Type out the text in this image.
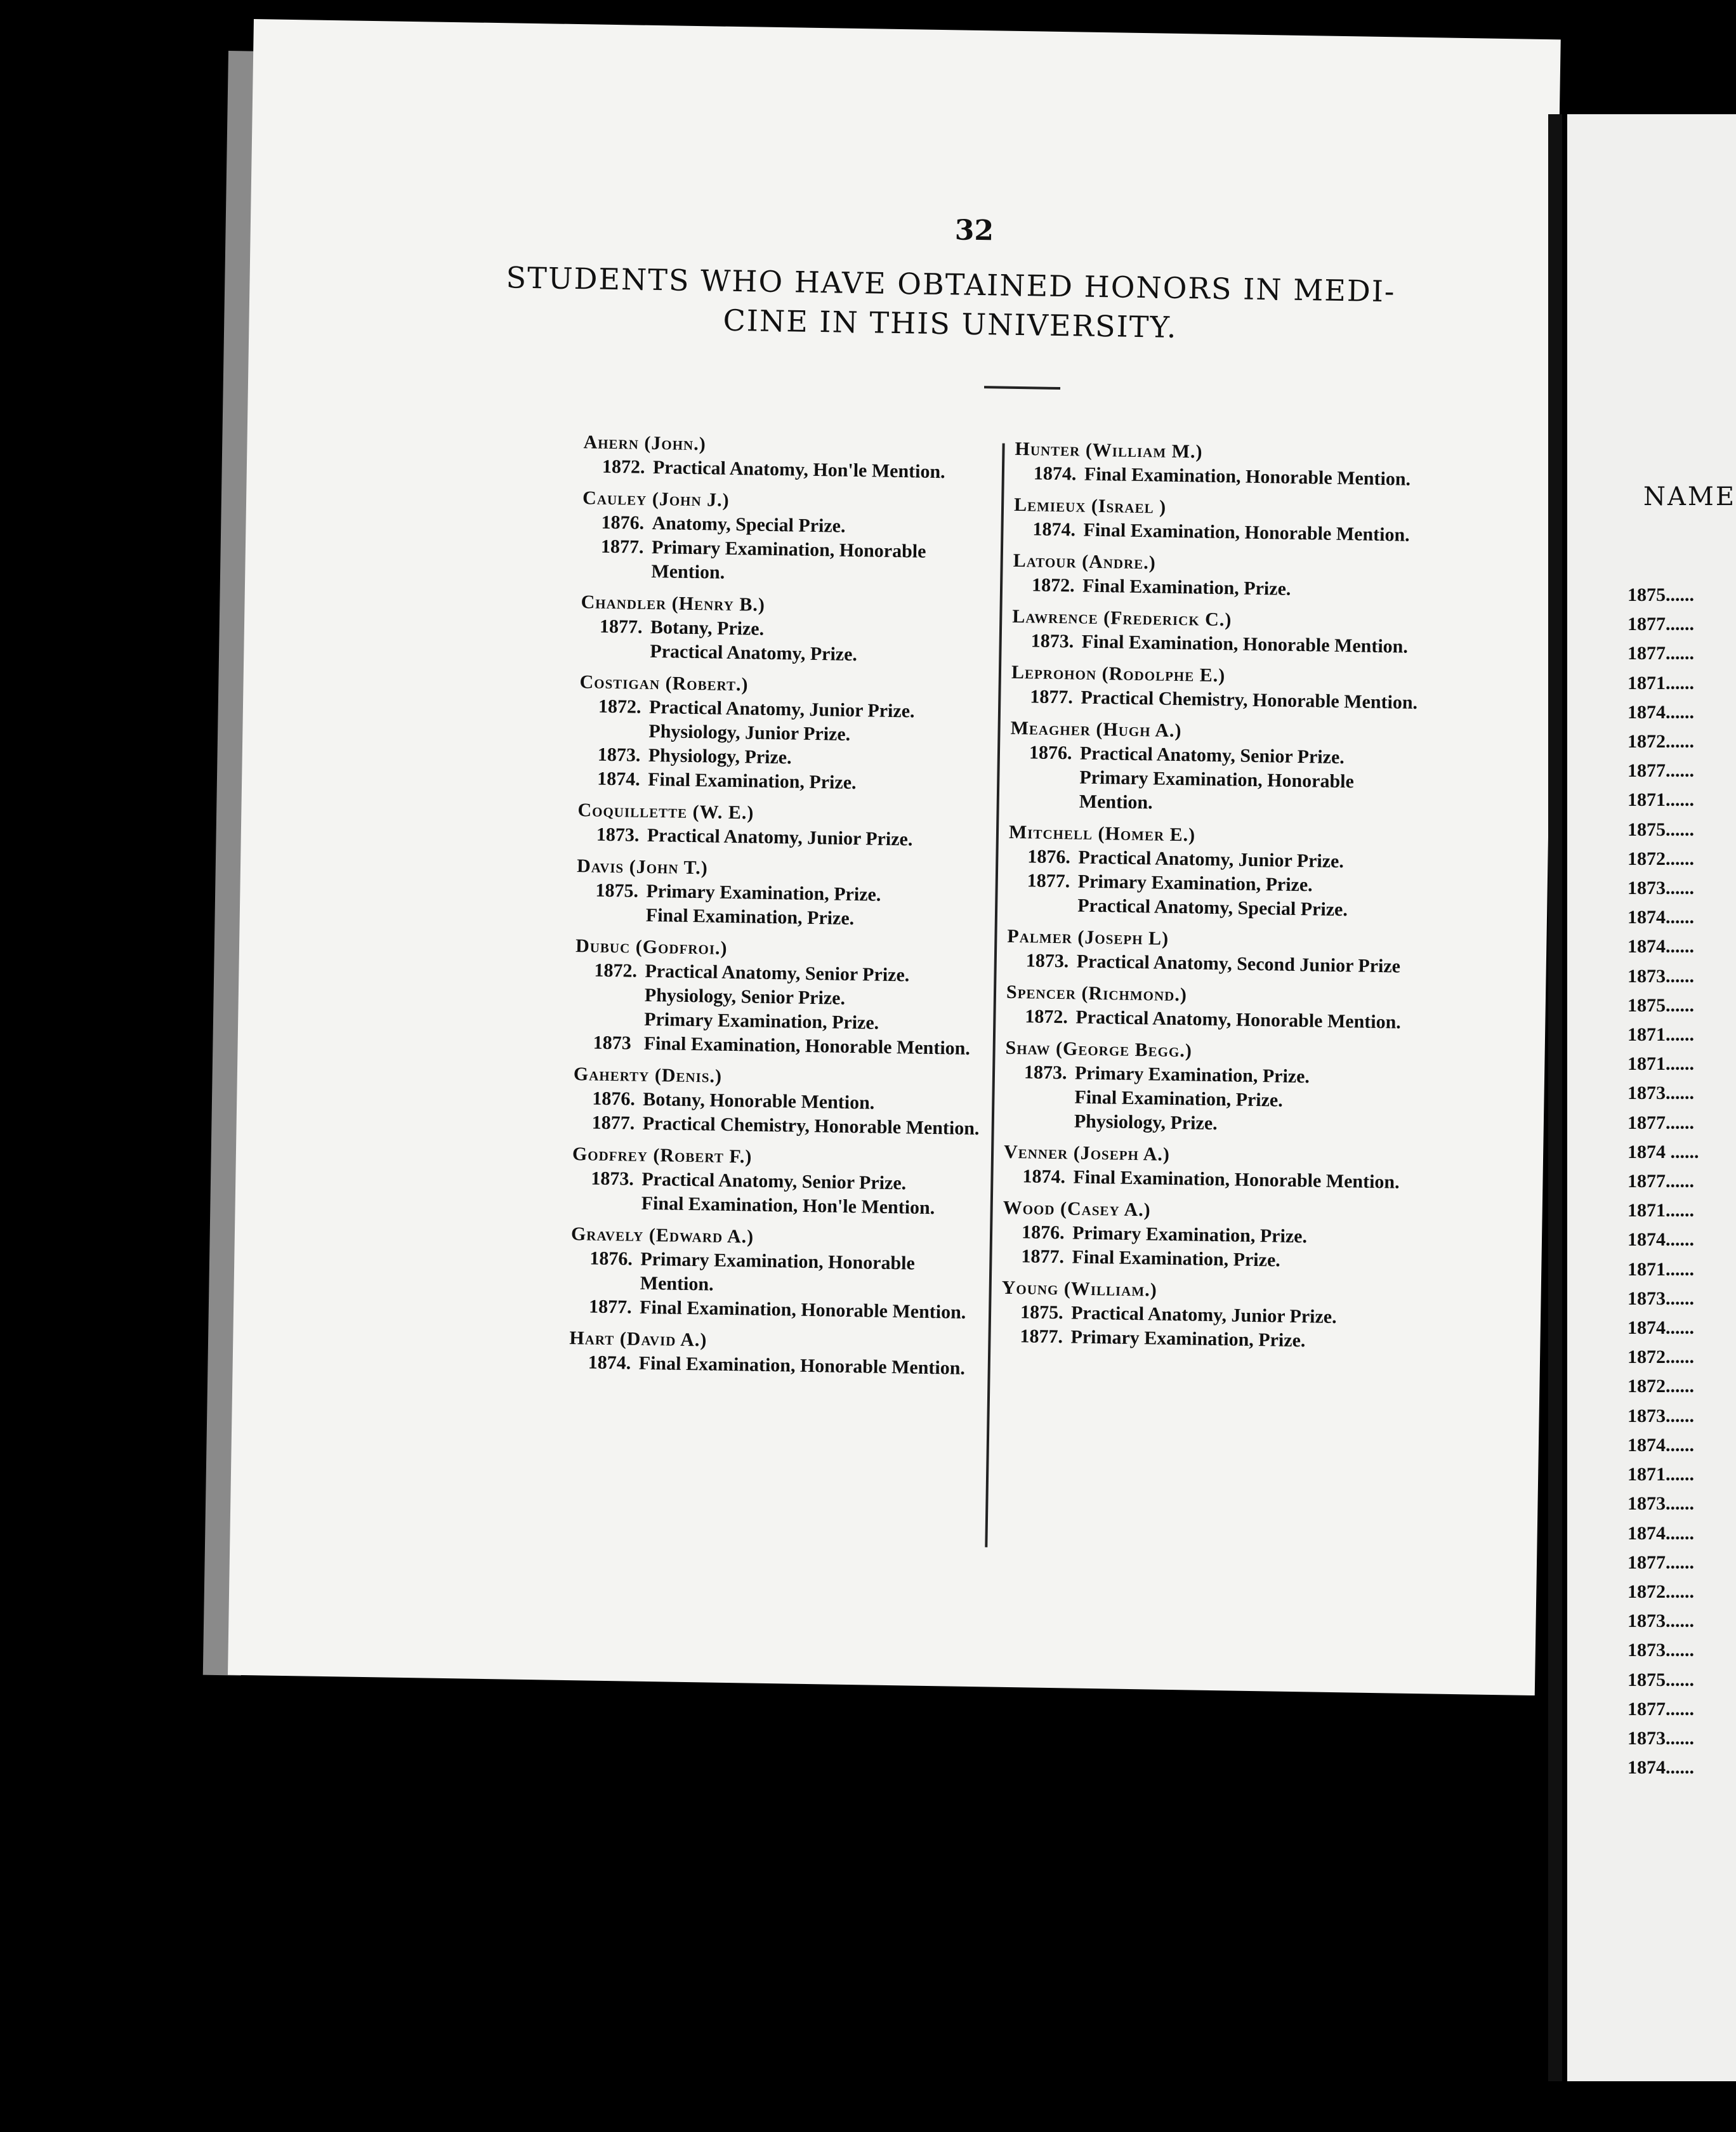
32
STUDENTS WHO HAVE OBTAINED HONORS IN MEDI-
CINE IN THIS UNIVERSITY.
Ahern (John.)
1872. Practical Anatomy, Hon'le Mention.
Cauley (John J.)
1876. Anatomy, Special Prize.
1877. Primary Examination, Honorable Mention.
Chandler (Henry B.)
1877. Botany, Prize.
Practical Anatomy, Prize.
Costigan (Robert.)
1872. Practical Anatomy, Junior Prize.
Physiology, Junior Prize.
1873. Physiology, Prize.
1874. Final Examination, Prize.
Coquillette (W. E.)
1873. Practical Anatomy, Junior Prize.
Davis (John T.)
1875. Primary Examination, Prize.
Final Examination, Prize.
Dubuc (Godfroi.)
1872. Practical Anatomy, Senior Prize.
Physiology, Senior Prize.
Primary Examination, Prize.
1873 Final Examination, Honorable Mention.
Gaherty (Denis.)
1876. Botany, Honorable Mention.
1877. Practical Chemistry, Honorable Mention.
Godfrey (Robert F.)
1873. Practical Anatomy, Senior Prize.
Final Examination, Hon'le Mention.
Gravely (Edward A.)
1876. Primary Examination, Honorable Mention.
1877. Final Examination, Honorable Mention.
Hart (David A.)
1874. Final Examination, Honorable Mention.
Hunter (William M.)
1874. Final Examination, Honorable Mention.
Lemieux (Israel )
1874. Final Examination, Honorable Mention.
Latour (Andre.)
1872. Final Examination, Prize.
Lawrence (Frederick C.)
1873. Final Examination, Honorable Mention.
Leprohon (Rodolphe E.)
1877. Practical Chemistry, Honorable Mention.
Meagher (Hugh A.)
1876. Practical Anatomy, Senior Prize.
Primary Examination, Honorable Mention.
Mitchell (Homer E.)
1876. Practical Anatomy, Junior Prize.
1877. Primary Examination, Prize.
Practical Anatomy, Special Prize.
Palmer (Joseph L)
1873. Practical Anatomy, Second Junior Prize
Spencer (Richmond.)
1872. Practical Anatomy, Honorable Mention.
Shaw (George Begg.)
1873. Primary Examination, Prize.
Final Examination, Prize.
Physiology, Prize.
Venner (Joseph A.)
1874. Final Examination, Honorable Mention.
Wood (Casey A.)
1876. Primary Examination, Prize.
1877. Final Examination, Prize.
Young (William.)
1875. Practical Anatomy, Junior Prize.
1877. Primary Examination, Prize.
NAME
1875......
1877......
1877......
1871......
1874......
1872......
1877......
1871......
1875......
1872......
1873......
1874......
1874......
1873......
1875......
1871......
1871......
1873......
1877......
1874 ......
1877......
1871......
1874......
1871......
1873......
1874......
1872......
1872......
1873......
1874......
1871......
1873......
1874......
1877......
1872......
1873......
1873......
1875......
1877......
1873......
1874......
